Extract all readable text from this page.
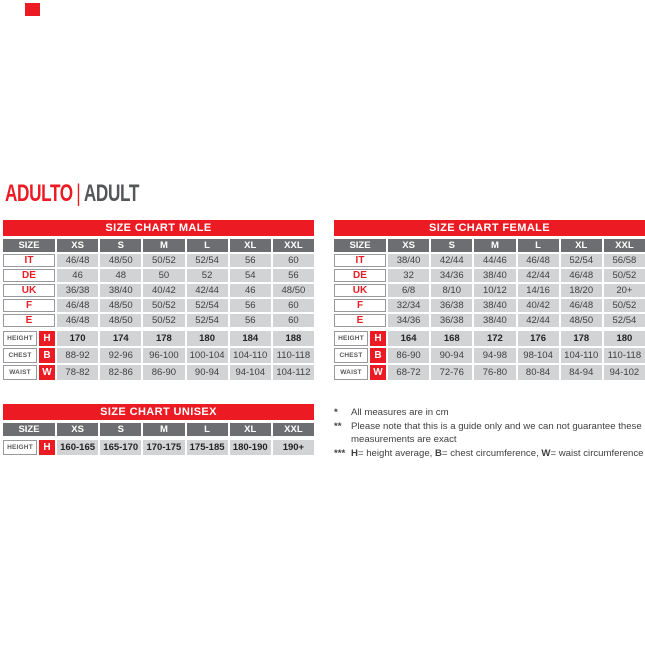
ADULTO | ADULT
SIZE CHART MALE
SIZE	XS	S	M	L	XL	XXL
IT	46/48	48/50	50/52	52/54	56	60
DE	46	48	50	52	54	56
UK	36/38	38/40	40/42	42/44	46	48/50
F	46/48	48/50	50/52	52/54	56	60
E	46/48	48/50	50/52	52/54	56	60
HEIGHT	H	170	174	178	180	184	188
CHEST	B	88-92	92-96	96-100	100-104 104-110 110-118
WAIST	W	78-82	82-86	86-90	90-94	94-104	104-112
SIZE CHART FEMALE
SIZE	XS	S	M	L	XL	XXL
IT	38/40	42/44	44/46	46/48	52/54	56/58
DE	32	34/36	38/40	42/44	46/48	50/52
UK	6/8	8/10	10/12	14/16	18/20	20+
F	32/34	36/38	38/40	40/42	46/48	50/52
E	34/36	36/38	38/40	42/44	48/50	52/54
HEIGHT	H	164	168	172	176	178	180
CHEST	B	86-90	90-94	94-98	98-104	104-110 110-118
WAIST	W	68-72	72-76	76-80	80-84	84-94	94-102
SIZE CHART UNISEX
SIZE	XS	S	M	L	XL	XXL
HEIGHT	H	160-165 165-170 170-175 175-185 180-190	190+
*	All measures are in cm
** Please note that this is a guide only and we can not guarantee these measurements are exact
*** H= height average, B= chest circumference, W= waist circumference
